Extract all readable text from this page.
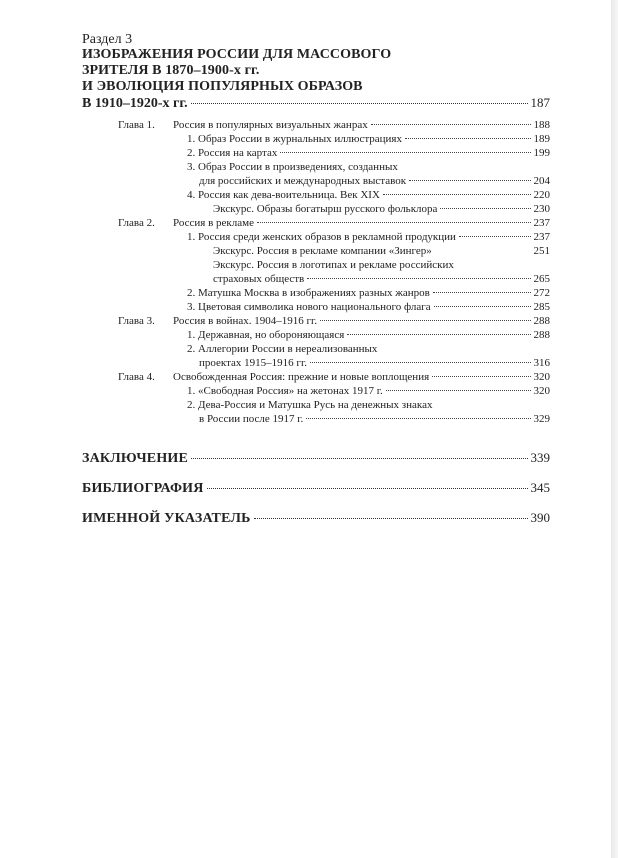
Раздел 3
ИЗОБРАЖЕНИЯ РОССИИ ДЛЯ МАССОВОГО
ЗРИТЕЛЯ В 1870–1900-х гг.
И ЭВОЛЮЦИЯ ПОПУЛЯРНЫХ ОБРАЗОВ
В 1910–1920-х гг.	187
Глава 1.	Россия в популярных визуальных жанрах	188
1. Образ России в журнальных иллюстрациях	189
2. Россия на картах	199
3. Образ России в произведениях, созданных
для российских и международных выставок	204
4. Россия как дева-воительница. Век XIX	220
Экскурс. Образы богатырш русского фольклора	230
Глава 2.	Россия в рекламе	237
1. Россия среди женских образов в рекламной продукции	237
Экскурс. Россия в рекламе компании «Зингер»	251
Экскурс. Россия в логотипах и рекламе российских
страховых обществ	265
2. Матушка Москва в изображениях разных жанров	272
3. Цветовая символика нового национального флага	285
Глава 3.	Россия в войнах. 1904–1916 гг.	288
1. Державная, но обороняющаяся	288
2. Аллегории России в нереализованных
проектах 1915–1916 гг.	316
Глава 4.	Освобожденная Россия: прежние и новые воплощения	320
1. «Свободная Россия» на жетонах 1917 г.	320
2. Дева-Россия и Матушка Русь на денежных знаках
в России после 1917 г.	329
ЗАКЛЮЧЕНИЕ	339
БИБЛИОГРАФИЯ	345
ИМЕННОЙ УКАЗАТЕЛЬ	390
